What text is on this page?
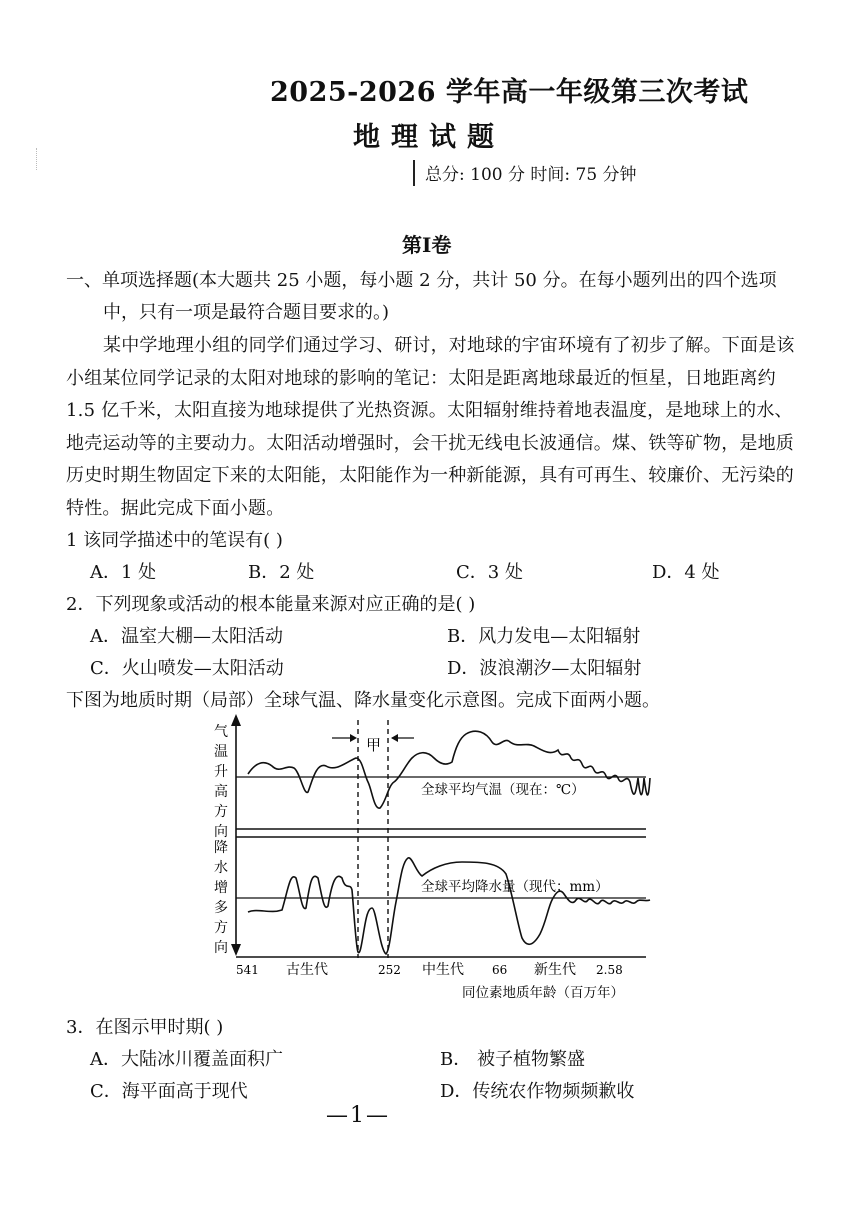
2025-2026 学年高一年级第三次考试
地理试题
总分: 100 分 时间: 75 分钟
第Ⅰ卷
一、单项选择题(本大题共 25 小题，每小题 2 分，共计 50 分。在每小题列出的四个选项
中，只有一项是最符合题目要求的。)
某中学地理小组的同学们通过学习、研讨，对地球的宇宙环境有了初步了解。下面是该小组某位同学记录的太阳对地球的影响的笔记：太阳是距离地球最近的恒星，日地距离约 1.5 亿千米，太阳直接为地球提供了光热资源。太阳辐射维持着地表温度，是地球上的水、地壳运动等的主要动力。太阳活动增强时，会干扰无线电长波通信。煤、铁等矿物，是地质历史时期生物固定下来的太阳能，太阳能作为一种新能源，具有可再生、较廉价、无污染的特性。据此完成下面小题。
1 该同学描述中的笔误有( )
A．1 处	B．2 处	C．3 处	D．4 处
2．下列现象或活动的根本能量来源对应正确的是( )
A．温室大棚—太阳活动	B．风力发电—太阳辐射
C．火山喷发—太阳活动	D．波浪潮汐—太阳辐射
下图为地质时期（局部）全球气温、降水量变化示意图。完成下面两小题。
气温升高方向
降水增多方向
甲
全球平均气温（现在：℃）
全球平均降水量（现代：mm）
541	252	66	2.58
古生代	中生代	新生代
同位素地质年龄（百万年）
3．在图示甲时期( )
A．大陆冰川覆盖面积广	B． 被子植物繁盛
C．海平面高于现代	D．传统农作物频频歉收
—1—
